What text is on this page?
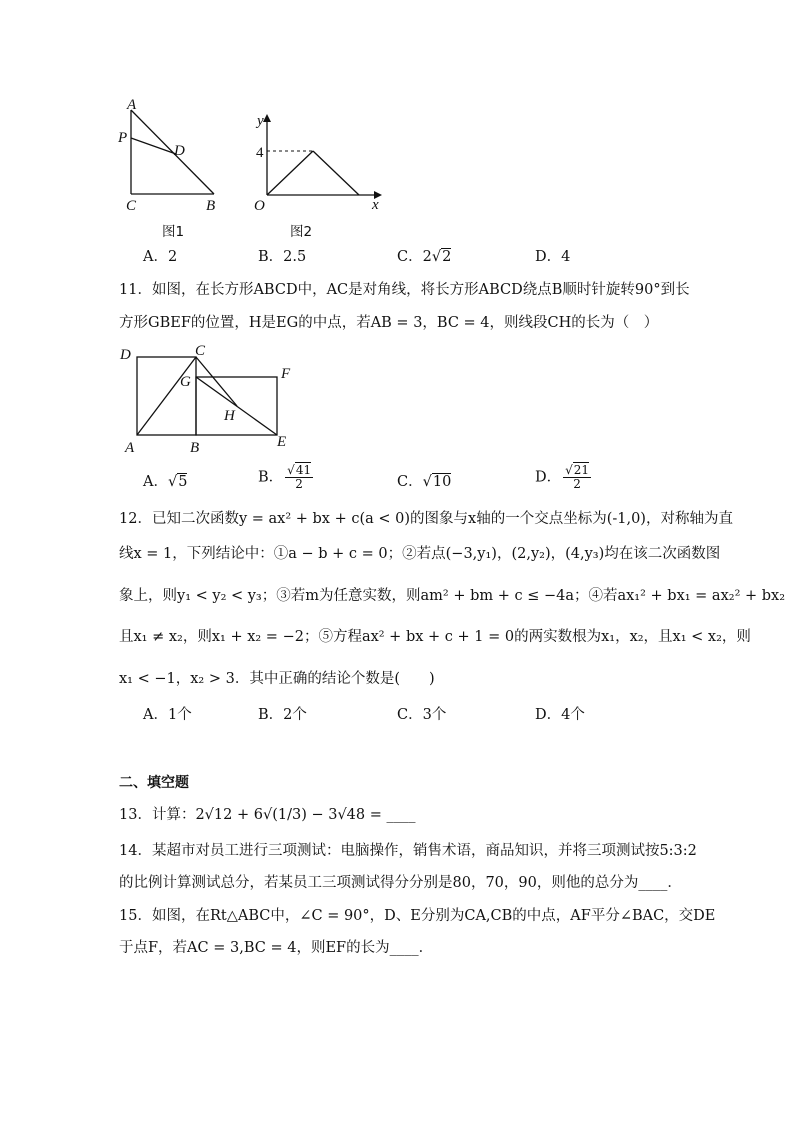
A
P
D
C	B
图1
y
4
O	x
图2
A．2	B．2.5	C．2√2	D．4
11．如图，在长方形ABCD中，AC是对角线，将长方形ABCD绕点B顺时针旋转90°到长
方形GBEF的位置，H是EG的中点，若AB = 3，BC = 4，则线段CH的长为（　）
D	C
F
G
H
A	B	E
A．√5	B． $\frac{√41}{2}$	C．√10	D． $\frac{√21}{2}$
12．已知二次函数y = ax² + bx + c(a < 0)的图象与x轴的一个交点坐标为(-1,0)，对称轴为直
线x = 1，下列结论中：①a − b + c = 0；②若点(−3,y₁)，(2,y₂)，(4,y₃)均在该二次函数图
象上，则y₁ < y₂ < y₃；③若m为任意实数，则am² + bm + c ≤ −4a；④若ax₁² + bx₁ = ax₂² + bx₂
且x₁ ≠ x₂，则x₁ + x₂ = −2；⑤方程ax² + bx + c + 1 = 0的两实数根为x₁，x₂，且x₁ < x₂，则
x₁ < −1，x₂ > 3．其中正确的结论个数是(　　)
A．1个	B．2个	C．3个	D．4个
二、填空题
13．计算：2√12 + 6√(1/3) − 3√48 = ____
14．某超市对员工进行三项测试：电脑操作，销售术语，商品知识，并将三项测试按5:3:2
的比例计算测试总分，若某员工三项测试得分分别是80，70，90，则他的总分为____．
15．如图，在Rt△ABC中，∠C = 90°，D、E分别为CA,CB的中点，AF平分∠BAC，交DE
于点F，若AC = 3,BC = 4，则EF的长为____．
